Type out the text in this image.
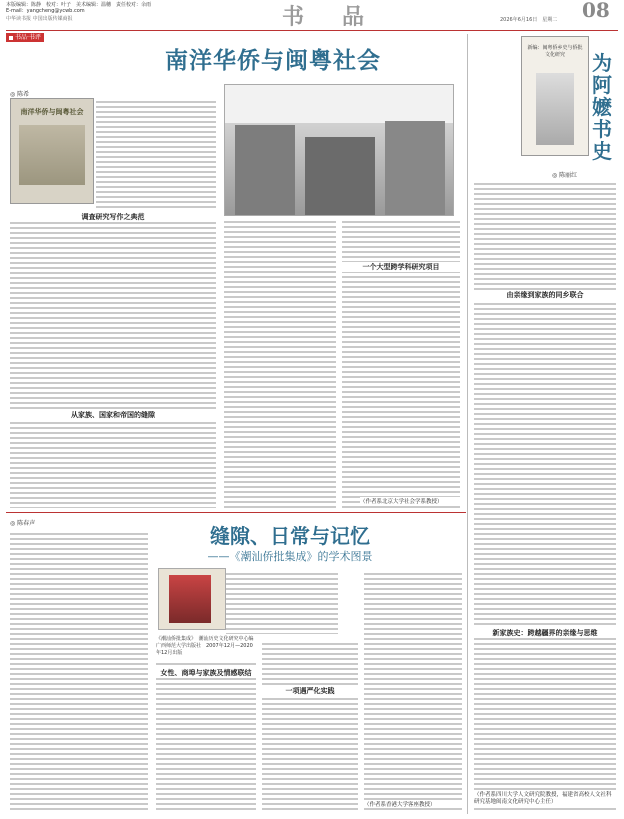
本版编辑：陈静　校对：叶子　美术编辑：温穗　责任校对：余雨
E-mail：yangcheng@ycwb.com
中华读书报 中国出版传媒商报	书　品	2026年6月16日　星期二 08
书品·书评
南洋华侨与闽粤社会
◎ 陈希
南洋华侨与闽粤社会
调查研究写作之典范
从家族、国家和帝国的缝隙
一个大型跨学科研究项目
（作者系北京大学社会学系教授）
◎ 陈春声
缝隙、日常与记忆
——《潮汕侨批集成》的学术图景
女性、商埠与家族及情感联结
一项遇严化实践
（作者系香港大学客座教授）
《潮汕侨批集成》　潮汕历史文化研究中心编　广西师范大学出版社　2007年12月—2020年12月出版
新编：闽粤侨乡史与侨批文化研究	为阿嬷书史
◎ 陈丽红
由亲缘到家族的同乡联合
新家族史：跨越疆界的亲缘与思维
（作者系四川大学人文研究院教授，福建省高校人文社科研究基地闽南文化研究中心主任）
